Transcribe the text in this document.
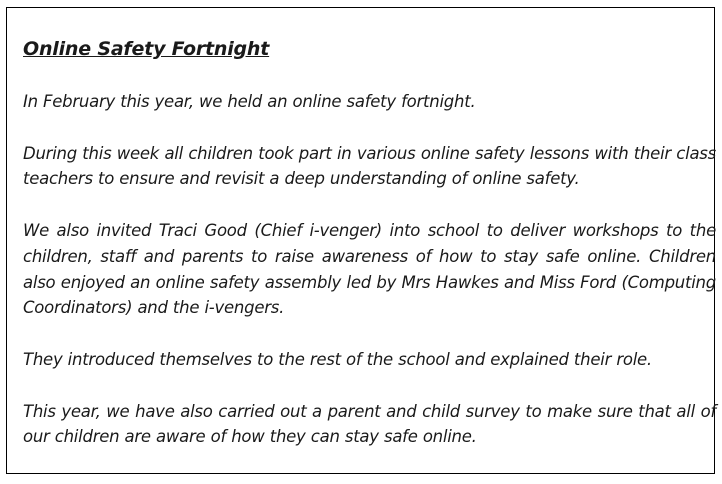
Online Safety Fortnight

In February this year, we held an online safety fortnight.

During this week all children took part in various online safety lessons with their class teachers to ensure and revisit a deep understanding of online safety.

We also invited Traci Good (Chief i-venger) into school to deliver workshops to the children, staff and parents to raise awareness of how to stay safe online. Children also enjoyed an online safety assembly led by Mrs Hawkes and Miss Ford (Computing Coordinators) and the i-vengers.

They introduced themselves to the rest of the school and explained their role.

This year, we have also carried out a parent and child survey to make sure that all of our children are aware of how they can stay safe online.
